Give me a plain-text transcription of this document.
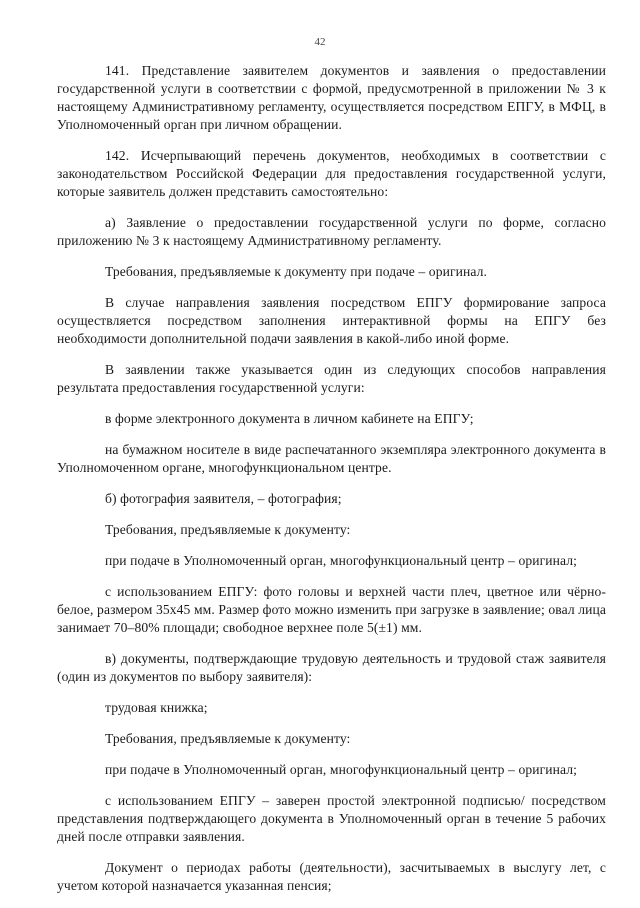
42

141. Представление заявителем документов и заявления о предоставлении государственной услуги в соответствии с формой, предусмотренной в приложении № 3 к настоящему Административному регламенту, осуществляется посредством ЕПГУ, в МФЦ, в Уполномоченный орган при личном обращении.

142. Исчерпывающий перечень документов, необходимых в соответствии с законодательством Российской Федерации для предоставления государственной услуги, которые заявитель должен представить самостоятельно:

а) Заявление о предоставлении государственной услуги по форме, согласно приложению № 3 к настоящему Административному регламенту.

Требования, предъявляемые к документу при подаче – оригинал.

В случае направления заявления посредством ЕПГУ формирование запроса осуществляется посредством заполнения интерактивной формы на ЕПГУ без необходимости дополнительной подачи заявления в какой-либо иной форме.

В заявлении также указывается один из следующих способов направления результата предоставления государственной услуги:

в форме электронного документа в личном кабинете на ЕПГУ;

на бумажном носителе в виде распечатанного экземпляра электронного документа в Уполномоченном органе, многофункциональном центре.

б) фотография заявителя, – фотография;

Требования, предъявляемые к документу:

при подаче в Уполномоченный орган, многофункциональный центр – оригинал;

с использованием ЕПГУ: фото головы и верхней части плеч, цветное или чёрно-белое, размером 35х45 мм. Размер фото можно изменить при загрузке в заявление; овал лица занимает 70–80% площади; свободное верхнее поле 5(±1) мм.

в) документы, подтверждающие трудовую деятельность и трудовой стаж заявителя (один из документов по выбору заявителя):

трудовая книжка;

Требования, предъявляемые к документу:

при подаче в Уполномоченный орган, многофункциональный центр – оригинал;

с использованием ЕПГУ – заверен простой электронной подписью/ посредством представления подтверждающего документа в Уполномоченный орган в течение 5 рабочих дней после отправки заявления.

Документ о периодах работы (деятельности), засчитываемых в выслугу лет, с учетом которой назначается указанная пенсия;
